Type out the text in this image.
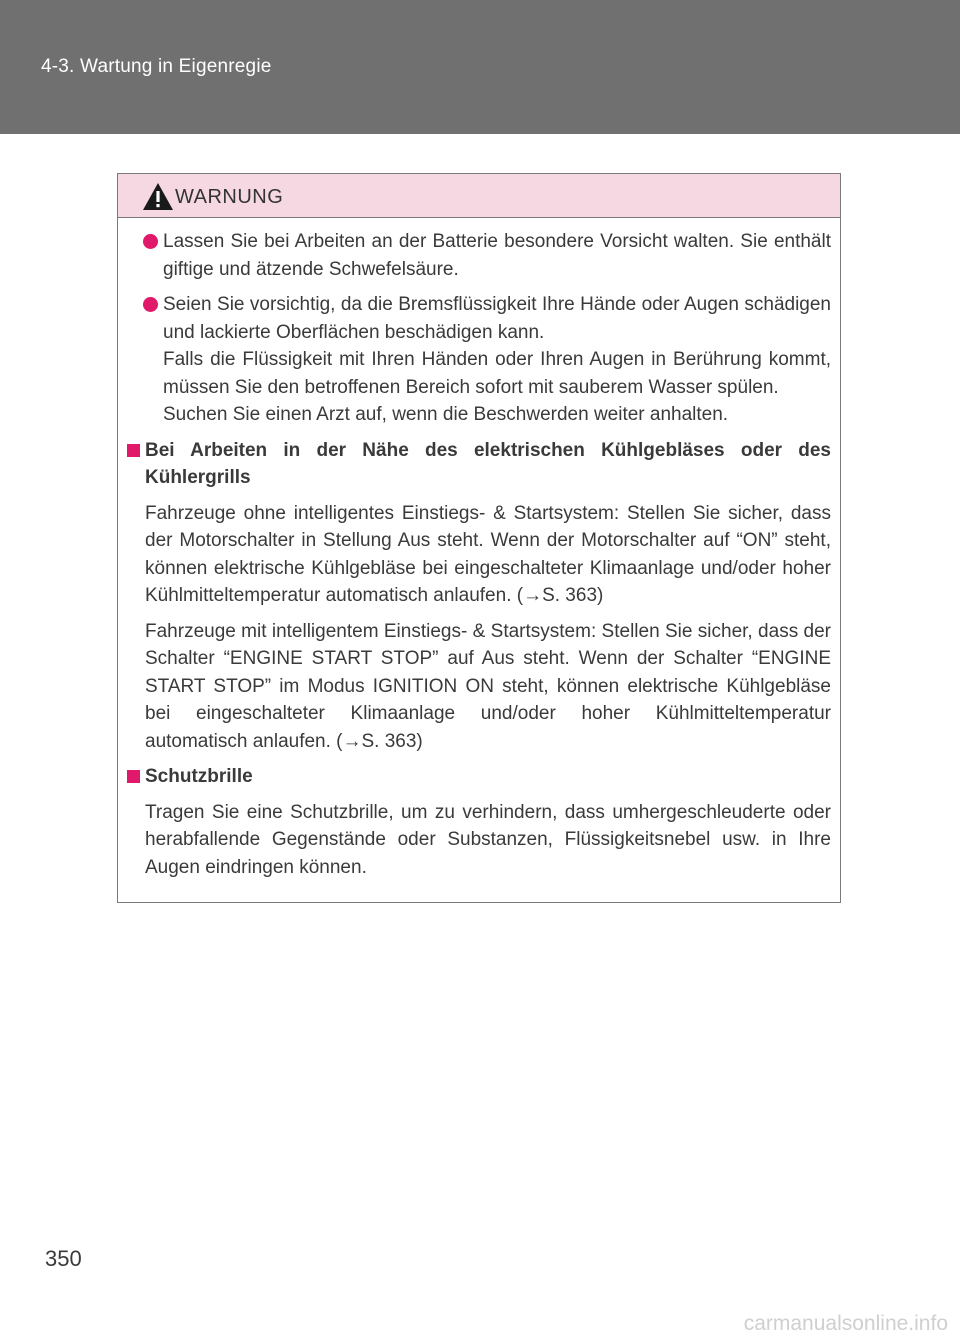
4-3. Wartung in Eigenregie
WARNUNG
Lassen Sie bei Arbeiten an der Batterie besondere Vorsicht walten. Sie enthält giftige und ätzende Schwefelsäure.
Seien Sie vorsichtig, da die Bremsflüssigkeit Ihre Hände oder Augen schädigen und lackierte Oberflächen beschädigen kann.
Falls die Flüssigkeit mit Ihren Händen oder Ihren Augen in Berührung kommt, müssen Sie den betroffenen Bereich sofort mit sauberem Wasser spülen.
Suchen Sie einen Arzt auf, wenn die Beschwerden weiter anhalten.
Bei Arbeiten in der Nähe des elektrischen Kühlgebläses oder des Kühlergrills
Fahrzeuge ohne intelligentes Einstiegs- & Startsystem: Stellen Sie sicher, dass der Motorschalter in Stellung Aus steht. Wenn der Motorschalter auf “ON” steht, können elektrische Kühlgebläse bei eingeschalteter Klimaanlage und/oder hoher Kühlmitteltemperatur automatisch anlaufen. (→S. 363)
Fahrzeuge mit intelligentem Einstiegs- & Startsystem: Stellen Sie sicher, dass der Schalter “ENGINE START STOP” auf Aus steht. Wenn der Schalter “ENGINE START STOP” im Modus IGNITION ON steht, können elektrische Kühlgebläse bei eingeschalteter Klimaanlage und/oder hoher Kühlmitteltemperatur automatisch anlaufen. (→S. 363)
Schutzbrille
Tragen Sie eine Schutzbrille, um zu verhindern, dass umhergeschleuderte oder herabfallende Gegenstände oder Substanzen, Flüssigkeitsnebel usw. in Ihre Augen eindringen können.
350
carmanualsonline.info
